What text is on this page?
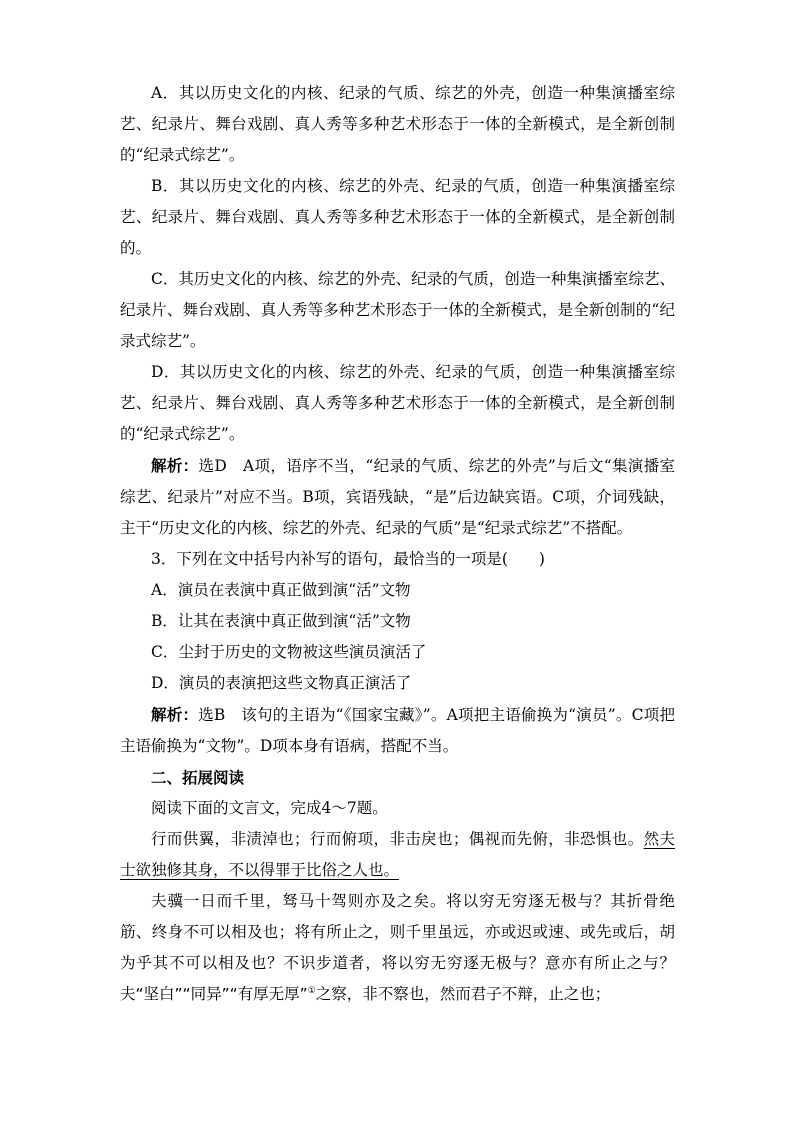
A．其以历史文化的内核、纪录的气质、综艺的外壳，创造一种集演播室综艺、纪录片、舞台戏剧、真人秀等多种艺术形态于一体的全新模式，是全新创制的“纪录式综艺”。

B．其以历史文化的内核、综艺的外壳、纪录的气质，创造一种集演播室综艺、纪录片、舞台戏剧、真人秀等多种艺术形态于一体的全新模式，是全新创制的。

C．其历史文化的内核、综艺的外壳、纪录的气质，创造一种集演播室综艺、纪录片、舞台戏剧、真人秀等多种艺术形态于一体的全新模式，是全新创制的“纪录式综艺”。

D．其以历史文化的内核、综艺的外壳、纪录的气质，创造一种集演播室综艺、纪录片、舞台戏剧、真人秀等多种艺术形态于一体的全新模式，是全新创制的“纪录式综艺”。

解析：选D　A项，语序不当，“纪录的气质、综艺的外壳”与后文“集演播室综艺、纪录片”对应不当。B项，宾语残缺，“是”后边缺宾语。C项，介词残缺，主干“历史文化的内核、综艺的外壳、纪录的气质”是“纪录式综艺”不搭配。

3．下列在文中括号内补写的语句，最恰当的一项是(　　)

A．演员在表演中真正做到演“活”文物

B．让其在表演中真正做到演“活”文物

C．尘封于历史的文物被这些演员演活了

D．演员的表演把这些文物真正演活了

解析：选B　该句的主语为“《国家宝藏》”。A项把主语偷换为“演员”。C项把主语偷换为“文物”。D项本身有语病，搭配不当。

二、拓展阅读

阅读下面的文言文，完成4～7题。

行而供翼，非渍淖也；行而俯项，非击戾也；偶视而先俯，非恐惧也。然夫士欲独修其身，不以得罪于比俗之人也。

夫骥一日而千里，驽马十驾则亦及之矣。将以穷无穷逐无极与？其折骨绝筋、终身不可以相及也；将有所止之，则千里虽远，亦或迟或速、或先或后，胡为乎其不可以相及也？不识步道者，将以穷无穷逐无极与？意亦有所止之与？夫“坚白”“同异”“有厚无厚”①之察，非不察也，然而君子不辩，止之也；
